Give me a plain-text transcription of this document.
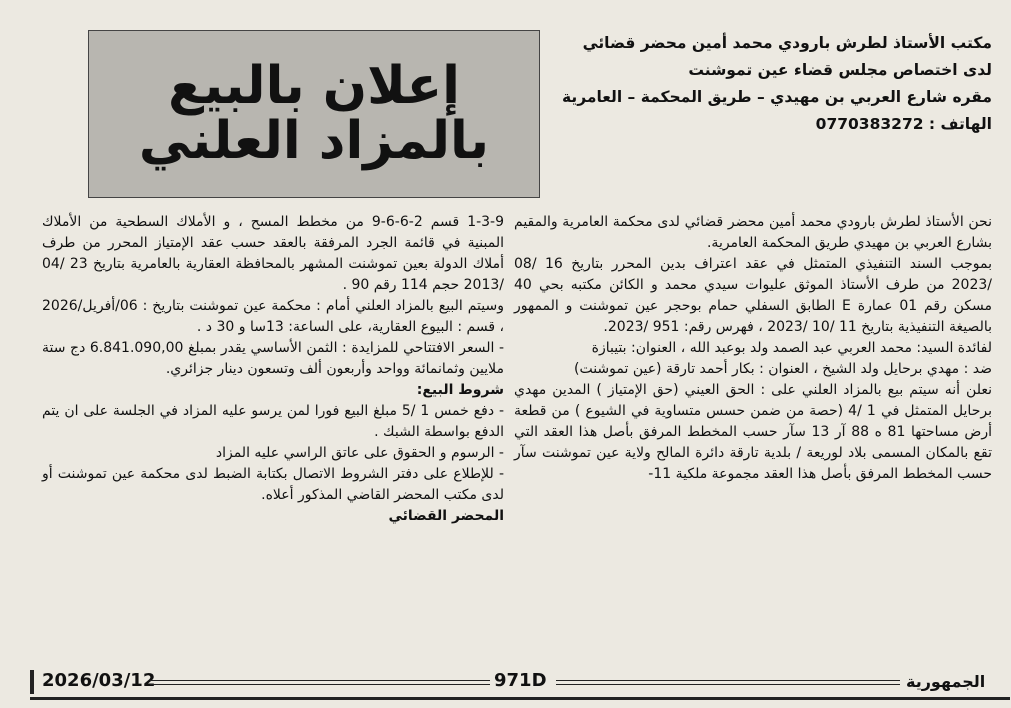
إعلان بالبيع
بالمزاد العلني
مكتب الأستاذ لطرش بارودي محمد أمين محضر قضائي
لدى اختصاص مجلس قضاء عين تموشنت
مقره شارع العربي بن مهيدي – طريق المحكمة – العامرية
الهاتف : 0770383272

نحن الأستاذ لطرش بارودي محمد أمين محضر قضائي لدى محكمة العامرية والمقيم بشارع العربي بن مهيدي طريق المحكمة العامرية.

بموجب السند التنفيذي المتمثل في عقد اعتراف بدين المحرر بتاريخ 16 /08 /2023 من طرف الأستاذ الموثق عليوات سيدي محمد و الكائن مكتبه بحي 40 مسكن رقم 01 عمارة E الطابق السفلي حمام بوحجر عين تموشنت و الممهور بالصيغة التنفيذية بتاريخ 11 /10 /2023 ، فهرس رقم: 951 /2023.

لفائدة السيد: محمد العربي عبد الصمد ولد بوعبد الله ، العنوان: بتيبازة

ضد : مهدي برحايل ولد الشيخ ، العنوان : بكار أحمد تارقة (عين تموشنت)

نعلن أنه سيتم بيع بالمزاد العلني على : الحق العيني (حق الإمتياز ) المدين مهدي برحايل المتمثل في 1 /4 (حصة من ضمن حسس متساوية في الشيوع ) من قطعة أرض مساحتها 81 ه 88 آر 13 سآر حسب المخطط المرفق بأصل هذا العقد التي تقع بالمكان المسمى بلاد لوريعة / بلدية تارقة دائرة المالح ولاية عين تموشنت سآر حسب المخطط المرفق بأصل هذا العقد مجموعة ملكية 11-

1-3-9 قسم 2-6-6-9 من مخطط المسح ، و الأملاك السطحية من الأملاك المبنية في قائمة الجرد المرفقة بالعقد حسب عقد الإمتياز المحرر من طرف أملاك الدولة بعين تموشنت المشهر بالمحافظة العقارية بالعامرية بتاريخ 23 /04 /2013 حجم 114 رقم 90 .

وسيتم البيع بالمزاد العلني أمام : محكمة عين تموشنت بتاريخ : 06/أفريل/2026 ، قسم : البيوع العقارية، على الساعة: 13سا و 30 د .

- السعر الافتتاحي للمزايدة : الثمن الأساسي يقدر بمبلغ 6.841.090,00 دج ستة ملايين وثمانمائة وواحد وأربعون ألف وتسعون دينار جزائري.

شروط البيع:

- دفع خمس 1 /5 مبلغ البيع فورا لمن يرسو عليه المزاد في الجلسة على ان يتم الدفع بواسطة الشبك .

- الرسوم و الحقوق على عاتق الراسي عليه المزاد

- للإطلاع على دفتر الشروط الاتصال بكتابة الضبط لدى محكمة عين تموشنت أو لدى مكتب المحضر القاضي المذكور أعلاه.

المحضر القضائي

2026/03/12	971D	الجمهورية
